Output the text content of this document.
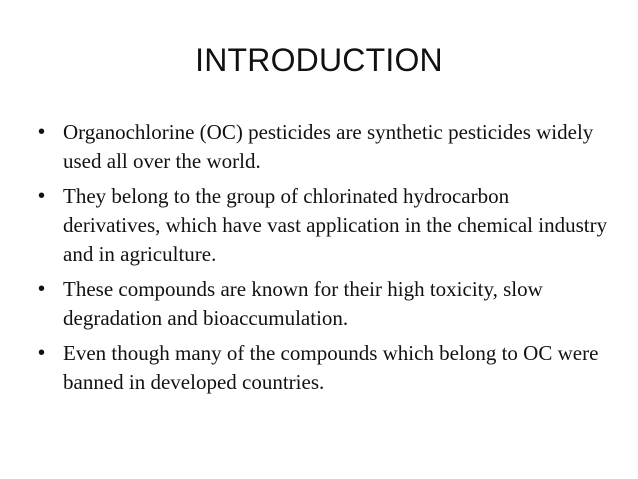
INTRODUCTION
• Organochlorine (OC) pesticides are synthetic pesticides widely used all over the world.
• They belong to the group of chlorinated hydrocarbon derivatives, which have vast application in the chemical industry and in agriculture.
• These compounds are known for their high toxicity, slow degradation and bioaccumulation.
• Even though many of the compounds which belong to OC were banned in developed countries.
